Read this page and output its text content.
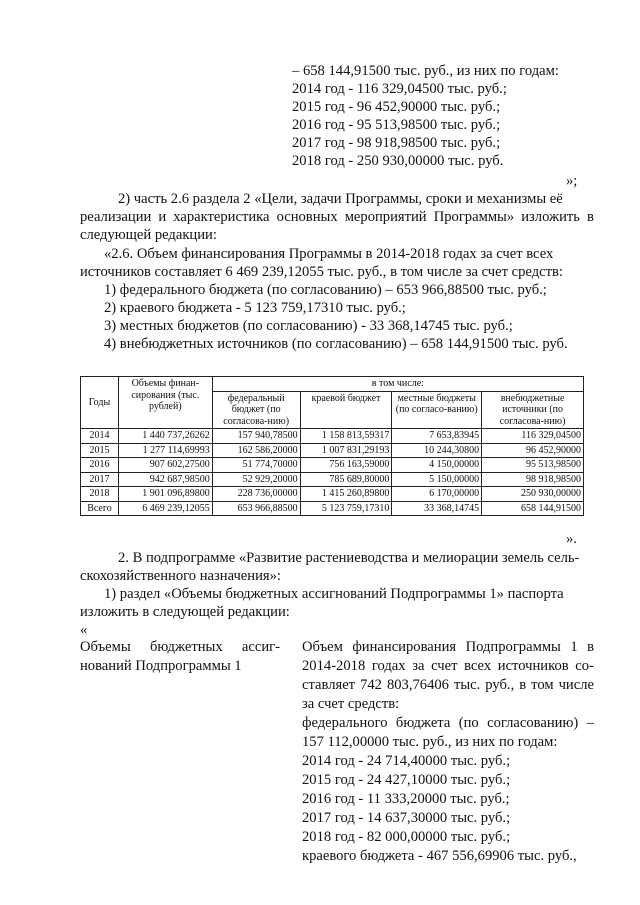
– 658 144,91500 тыс. руб., из них по годам:
2014 год - 116 329,04500 тыс. руб.;
2015 год - 96 452,90000 тыс. руб.;
2016 год - 95 513,98500 тыс. руб.;
2017 год - 98 918,98500 тыс. руб.;
2018 год - 250 930,00000 тыс. руб.
»;
2) часть 2.6 раздела 2 «Цели, задачи Программы, сроки и механизмы её
реализации и характеристика основных мероприятий Программы» изложить в
следующей редакции:
«2.6. Объем финансирования Программы в 2014-2018 годах за счет всех
источников составляет 6 469 239,12055 тыс. руб., в том числе за счет средств:
1) федерального бюджета (по согласованию) – 653 966,88500 тыс. руб.;
2) краевого бюджета - 5 123 759,17310 тыс. руб.;
3) местных бюджетов (по согласованию) - 33 368,14745 тыс. руб.;
4) внебюджетных источников (по согласованию) – 658 144,91500 тыс. руб.
Годы	Объемы финан-сирования (тыс. рублей)	в том числе:			
		федеральный бюджет (по согласова-нию)	краевой бюджет	местные бюджеты (по согласо-ванию)	внебюджетные источники (по согласова-нию)
2014	1 440 737,26262	157 940,78500	1 158 813,59317	7 653,83945	116 329,04500
2015	1 277 114,69993	162 586,20000	1 007 831,29193	10 244,30800	96 452,90000
2016	907 602,27500	51 774,70000	756 163,59000	4 150,00000	95 513,98500
2017	942 687,98500	52 929,20000	785 689,80000	5 150,00000	98 918,98500
2018	1 901 096,89800	228 736,00000	1 415 260,89800	6 170,00000	250 930,00000
Всего	6 469 239,12055	653 966,88500	5 123 759,17310	33 368,14745	658 144,91500
».
2. В подпрограмме «Развитие растениеводства и мелиорации земель сель-
скохозяйственного назначения»:
1) раздел «Объемы бюджетных ассигнований Подпрограммы 1» паспорта
изложить в следующей редакции:
«
Объемы бюджетных ассиг-
нований Подпрограммы 1
Объем финансирования Подпрограммы 1 в
2014-2018 годах за счет всех источников со-
ставляет 742 803,76406 тыс. руб., в том числе
за счет средств:
федерального бюджета (по согласованию) –
157 112,00000 тыс. руб., из них по годам:
2014 год - 24 714,40000 тыс. руб.;
2015 год - 24 427,10000 тыс. руб.;
2016 год - 11 333,20000 тыс. руб.;
2017 год - 14 637,30000 тыс. руб.;
2018 год - 82 000,00000 тыс. руб.;
краевого бюджета - 467 556,69906 тыс. руб.,
